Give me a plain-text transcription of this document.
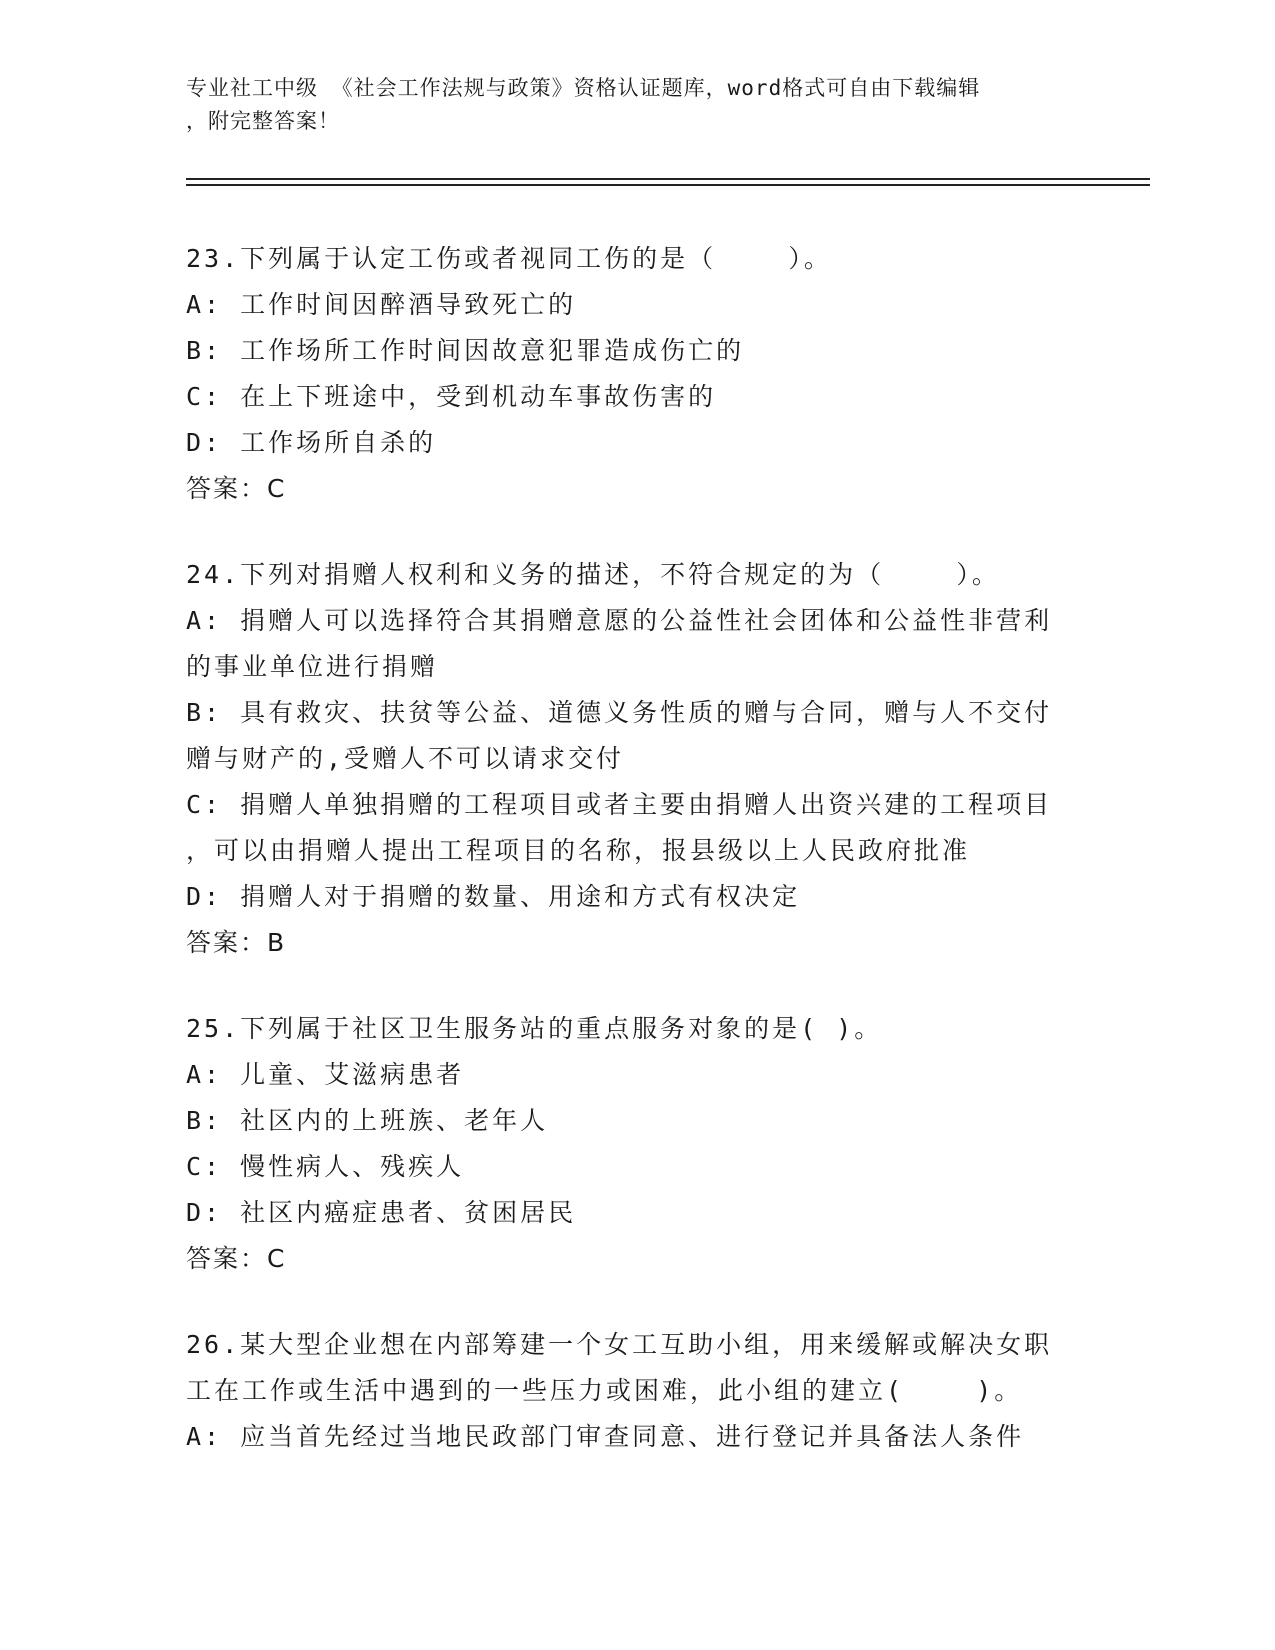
专业社工中级 《社会工作法规与政策》资格认证题库，word格式可自由下载编辑
，附完整答案！
23.下列属于认定工伤或者视同工伤的是（    ）。
A: 工作时间因醉酒导致死亡的
B: 工作场所工作时间因故意犯罪造成伤亡的
C: 在上下班途中，受到机动车事故伤害的
D: 工作场所自杀的
答案：C
24.下列对捐赠人权利和义务的描述，不符合规定的为（    ）。
A: 捐赠人可以选择符合其捐赠意愿的公益性社会团体和公益性非营利
的事业单位进行捐赠
B: 具有救灾、扶贫等公益、道德义务性质的赠与合同，赠与人不交付
赠与财产的,受赠人不可以请求交付
C: 捐赠人单独捐赠的工程项目或者主要由捐赠人出资兴建的工程项目
，可以由捐赠人提出工程项目的名称，报县级以上人民政府批准
D: 捐赠人对于捐赠的数量、用途和方式有权决定
答案：B
25.下列属于社区卫生服务站的重点服务对象的是( )。
A: 儿童、艾滋病患者
B: 社区内的上班族、老年人
C: 慢性病人、残疾人
D: 社区内癌症患者、贫困居民
答案：C
26.某大型企业想在内部筹建一个女工互助小组，用来缓解或解决女职
工在工作或生活中遇到的一些压力或困难，此小组的建立(    )。
A: 应当首先经过当地民政部门审查同意、进行登记并具备法人条件
